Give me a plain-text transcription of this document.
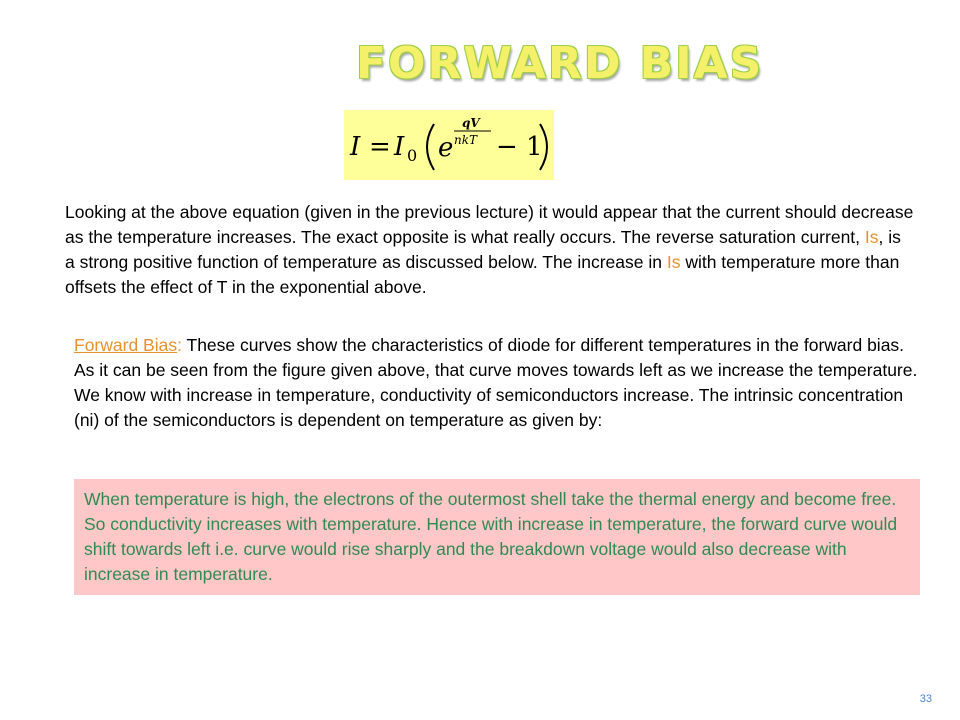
FORWARD BIAS
I = I 0 e
qV
nkT − 1
Looking at the above equation (given in the previous lecture) it would appear that the current should decrease as the temperature increases. The exact opposite is what really occurs. The reverse saturation current, Is, is a strong positive function of temperature as discussed below. The increase in Is with temperature more than offsets the effect of T in the exponential above.
Forward Bias: These curves show the characteristics of diode for different temperatures in the forward bias. As it can be seen from the figure given above, that curve moves towards left as we increase the temperature. We know with increase in temperature, conductivity of semiconductors increase. The intrinsic concentration (ni) of the semiconductors is dependent on temperature as given by:
When temperature is high, the electrons of the outermost shell take the thermal energy and become free. So conductivity increases with temperature. Hence with increase in temperature, the forward curve would shift towards left i.e. curve would rise sharply and the breakdown voltage would also decrease with increase in temperature.
33
